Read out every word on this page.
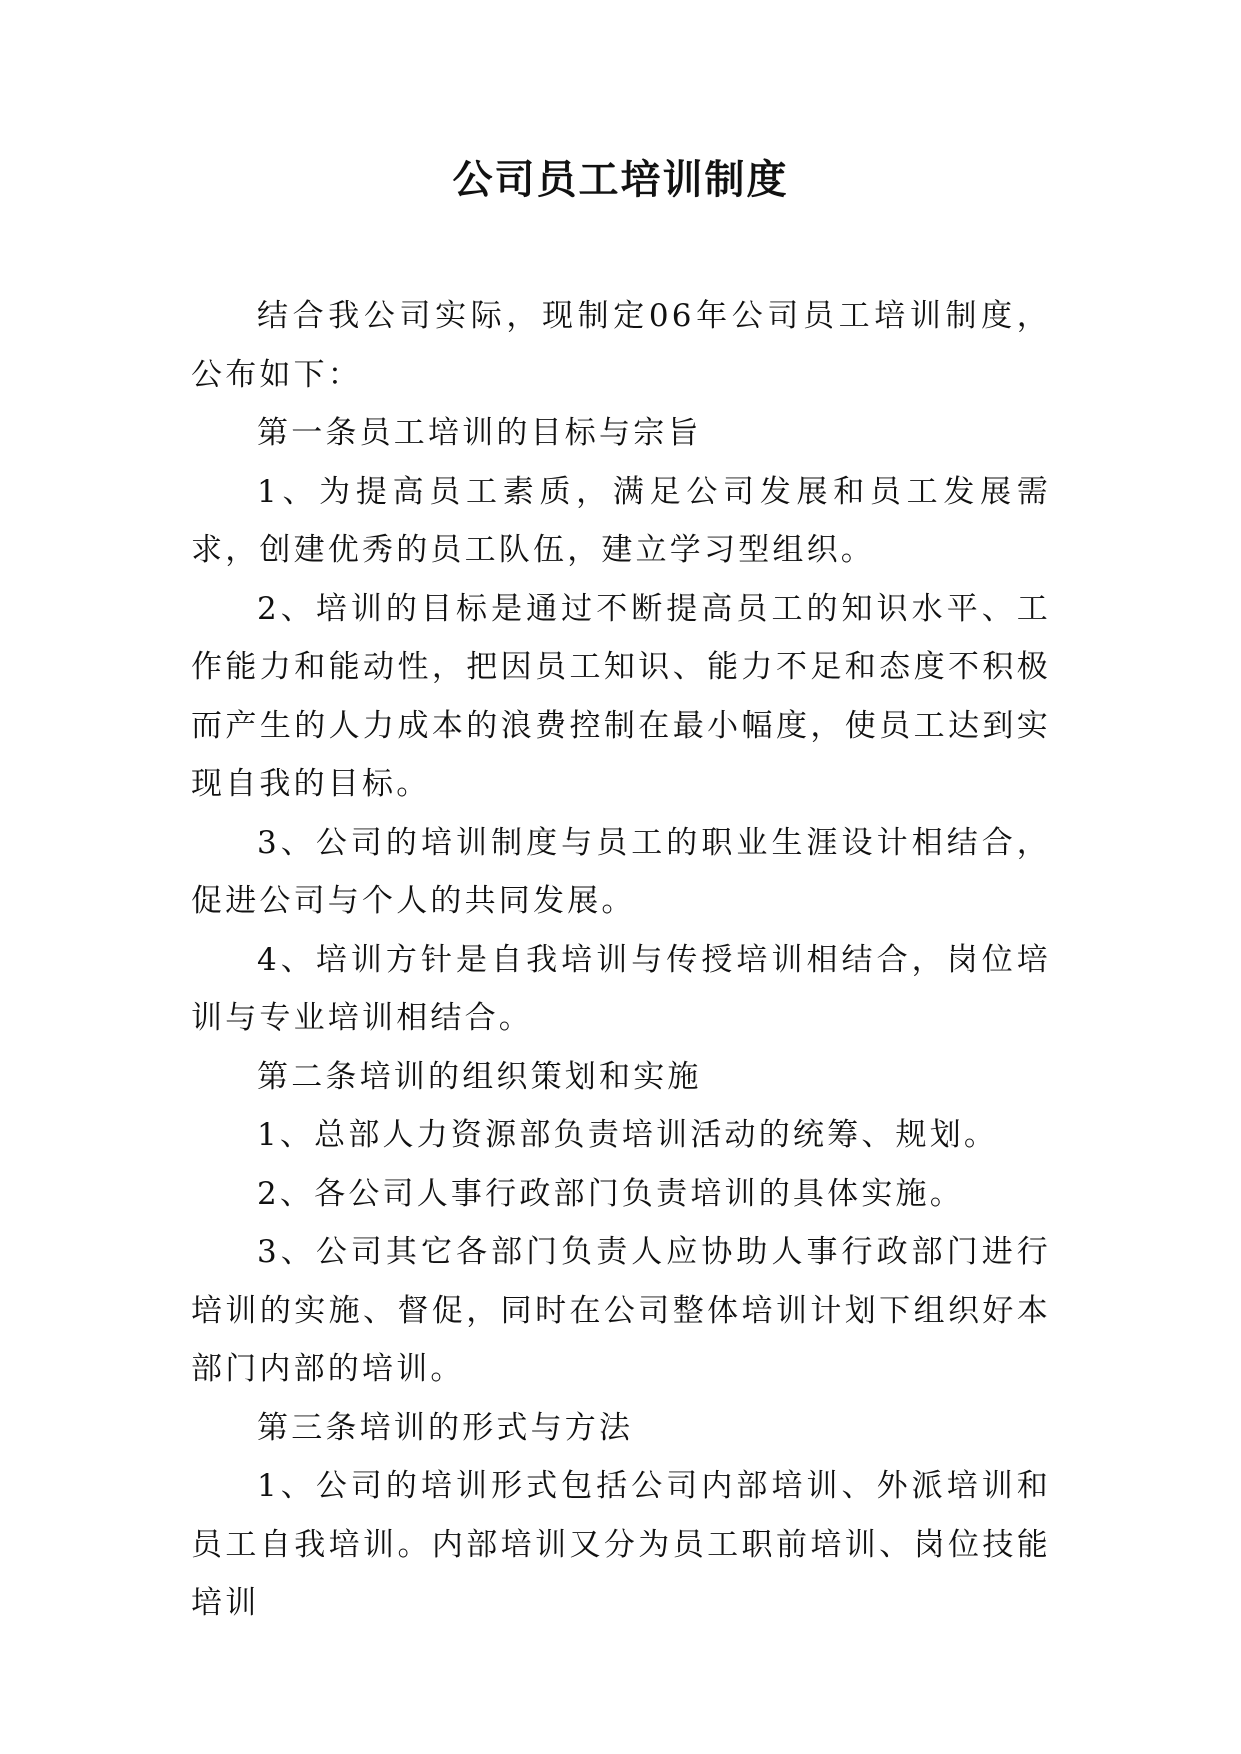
公司员工培训制度

结合我公司实际，现制定06年公司员工培训制度，公布如下：

第一条员工培训的目标与宗旨

1、为提高员工素质，满足公司发展和员工发展需求，创建优秀的员工队伍，建立学习型组织。

2、培训的目标是通过不断提高员工的知识水平、工作能力和能动性，把因员工知识、能力不足和态度不积极而产生的人力成本的浪费控制在最小幅度，使员工达到实现自我的目标。

3、公司的培训制度与员工的职业生涯设计相结合，促进公司与个人的共同发展。

4、培训方针是自我培训与传授培训相结合，岗位培训与专业培训相结合。

第二条培训的组织策划和实施

1、总部人力资源部负责培训活动的统筹、规划。

2、各公司人事行政部门负责培训的具体实施。

3、公司其它各部门负责人应协助人事行政部门进行培训的实施、督促，同时在公司整体培训计划下组织好本部门内部的培训。

第三条培训的形式与方法

1、公司的培训形式包括公司内部培训、外派培训和员工自我培训。内部培训又分为员工职前培训、岗位技能培训
